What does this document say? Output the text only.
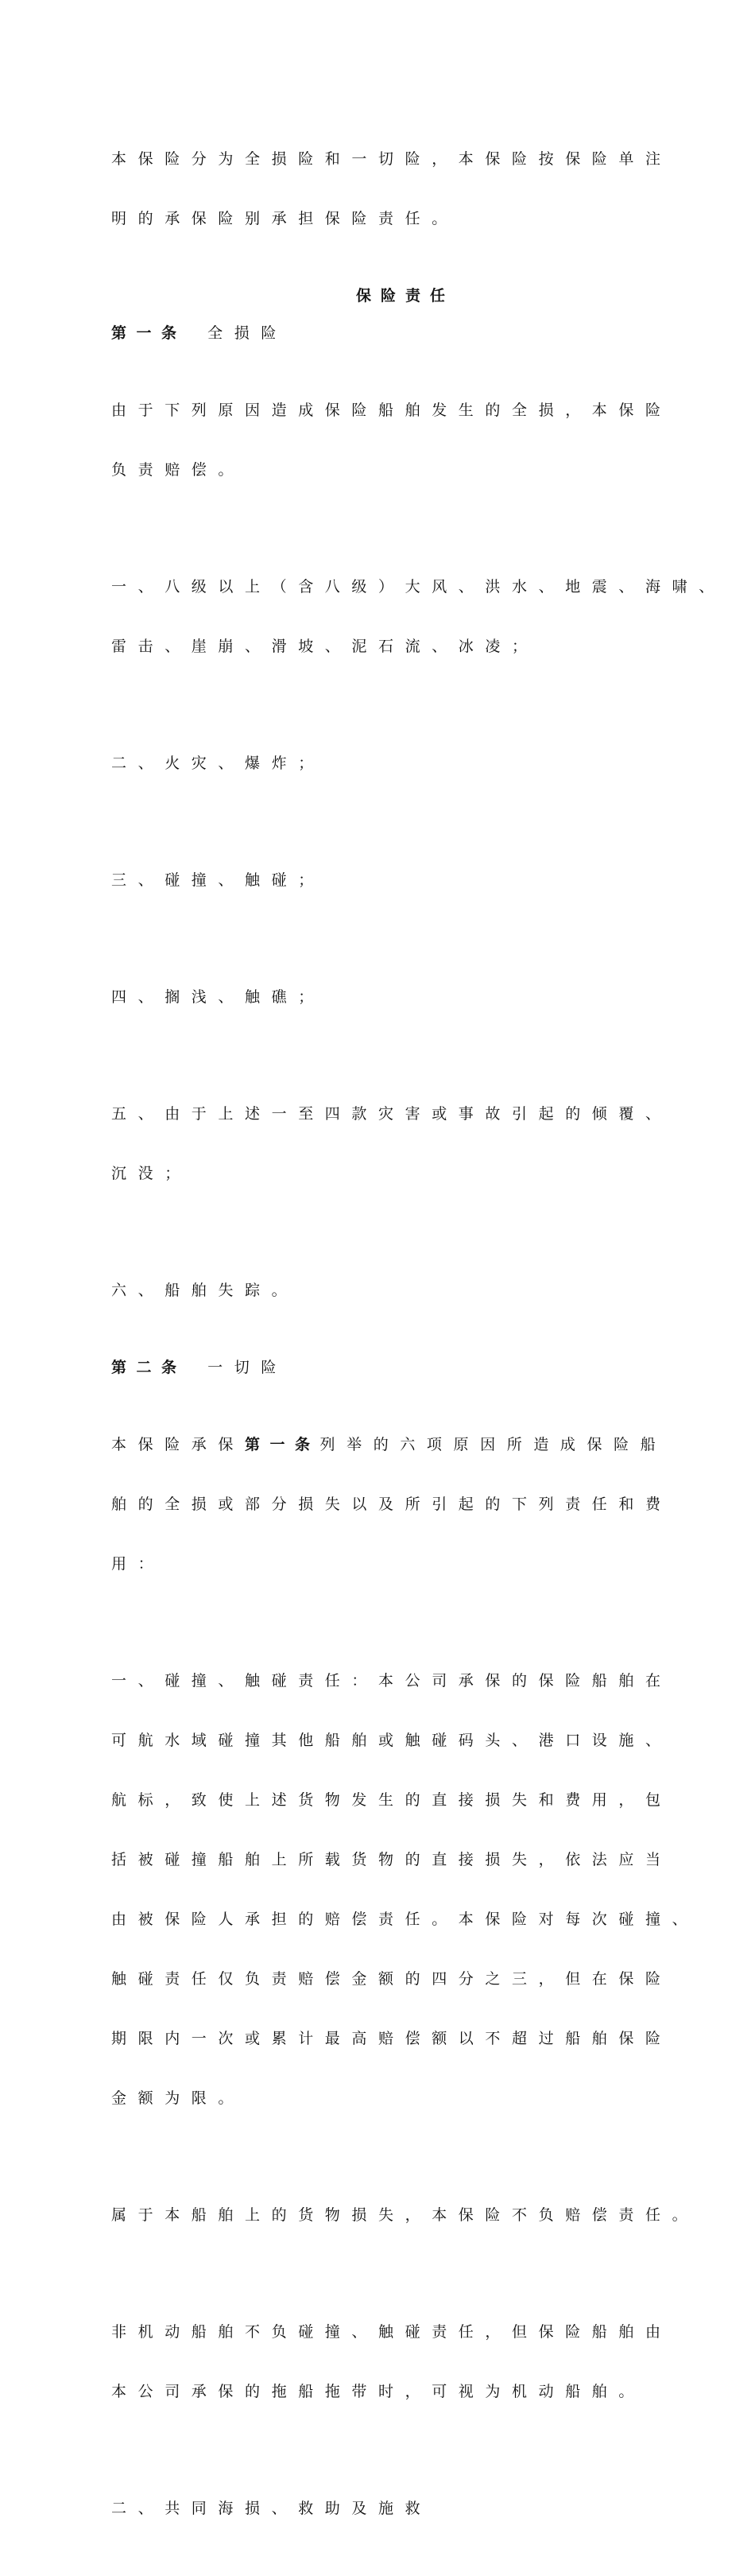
本保险分为全损险和一切险，本保险按保险单注

明的承保险别承担保险责任。

保险责任
第一条 全损险

由于下列原因造成保险船舶发生的全损，本保险

负责赔偿。

一、八级以上（含八级）大风、洪水、地震、海啸、

雷击、崖崩、滑坡、泥石流、冰凌；

二、火灾、爆炸；

三、碰撞、触碰；

四、搁浅、触礁；

五、由于上述一至四款灾害或事故引起的倾覆、

沉没；

六、船舶失踪。

第二条 一切险

本保险承保第一条列举的六项原因所造成保险船

舶的全损或部分损失以及所引起的下列责任和费

用：

一、碰撞、触碰责任：本公司承保的保险船舶在

可航水域碰撞其他船舶或触碰码头、港口设施、

航标，致使上述货物发生的直接损失和费用，包

括被碰撞船舶上所载货物的直接损失，依法应当

由被保险人承担的赔偿责任。本保险对每次碰撞、

触碰责任仅负责赔偿金额的四分之三，但在保险

期限内一次或累计最高赔偿额以不超过船舶保险

金额为限。

属于本船舶上的货物损失，本保险不负赔偿责任。

非机动船舶不负碰撞、触碰责任，但保险船舶由

本公司承保的拖船拖带时，可视为机动船舶。

二、共同海损、救助及施救
